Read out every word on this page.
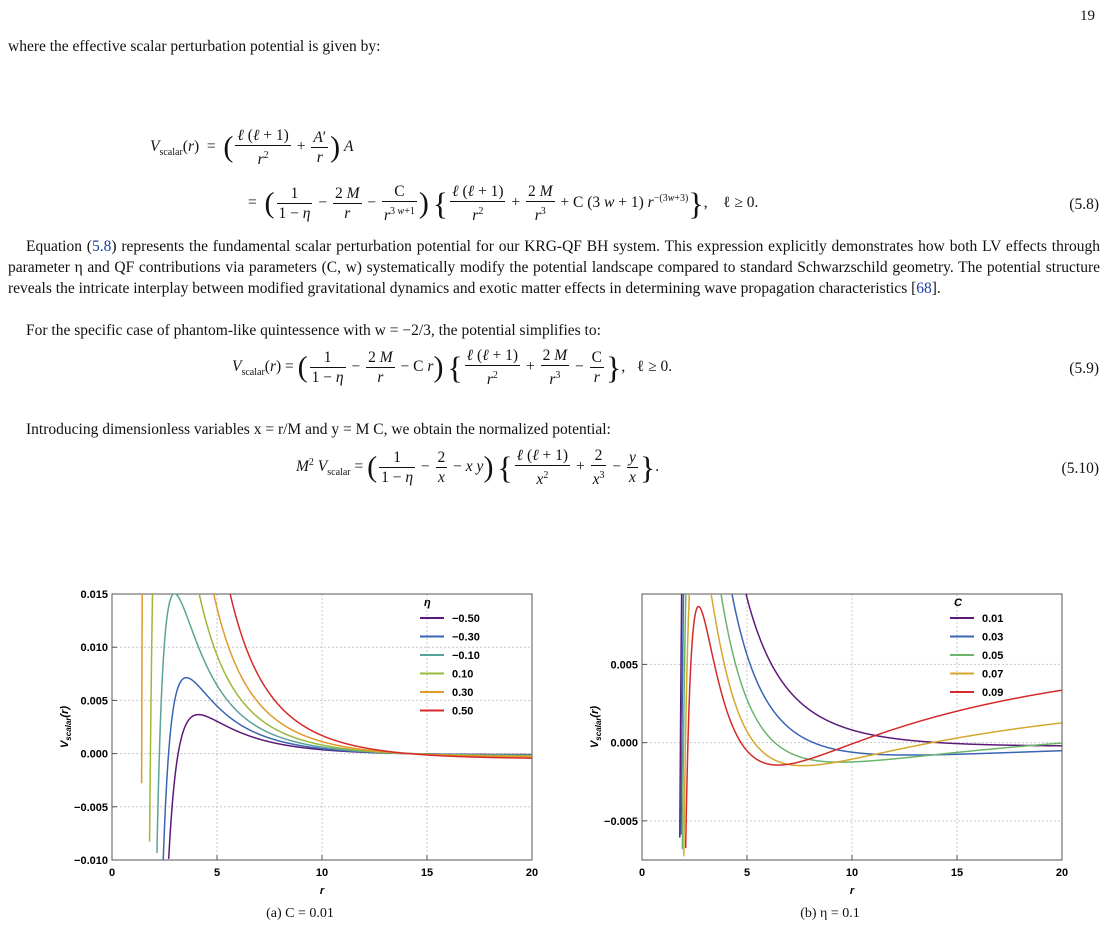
19
where the effective scalar perturbation potential is given by:
$V_{scalar}(r)$  =  ( $\frac{\text{ℓ (ℓ + 1)}}{r^2} + \frac{A'}{r}$ ) A
=  ( $\frac{1}{1 - \eta} - \frac{2 M}{r} - \frac{C}{r^{3 w+1}}$ ) { $\frac{\text{ℓ (ℓ + 1)}}{r^2} + \frac{2 M}{r^3} + C$ (3 w + 1) $r^{-(3w+3)}$},    ℓ ≥ 0.	(5.8)
Equation (5.8) represents the fundamental scalar perturbation potential for our KRG-QF BH system. This expression explicitly demonstrates how both LV effects through parameter η and QF contributions via parameters (C, w) systematically modify the potential landscape compared to standard Schwarzschild geometry. The potential structure reveals the intricate interplay between modified gravitational dynamics and exotic matter effects in determining wave propagation characteristics [68].
For the specific case of phantom-like quintessence with w = −2/3, the potential simplifies to:
$V_{scalar}(r)$ = ( $\frac{1}{1 - \eta} - \frac{2 M}{r} - C$ r) { $\frac{\text{ℓ (ℓ + 1)}}{r^2} + \frac{2 M}{r^3} - \frac{C}{r}$ },   ℓ ≥ 0.	(5.9)
Introducing dimensionless variables x = r/M and y = M C, we obtain the normalized potential:
$M^2$ $V_{scalar}$ = ( $\frac{1}{1 - \eta} - \frac{2}{x} - x$ y) { $\frac{\text{ℓ (ℓ + 1)}}{x^2} + \frac{2}{x^3} - \frac{y}{x}$ }.	(5.10)
0	5	10	15	20
0.015
0.010
0.005
0.000
−0.005
−0.010
r
$V_{scalar}(r)$
η
−0.50
−0.30
−0.10
0.10
0.30
0.50
(a) C = 0.01
0	5	10	15	20
0.005
0.000
−0.005
r
$V_{scalar}(r)$
C
0.01
0.03
0.05
0.07
0.09
(b) η = 0.1
